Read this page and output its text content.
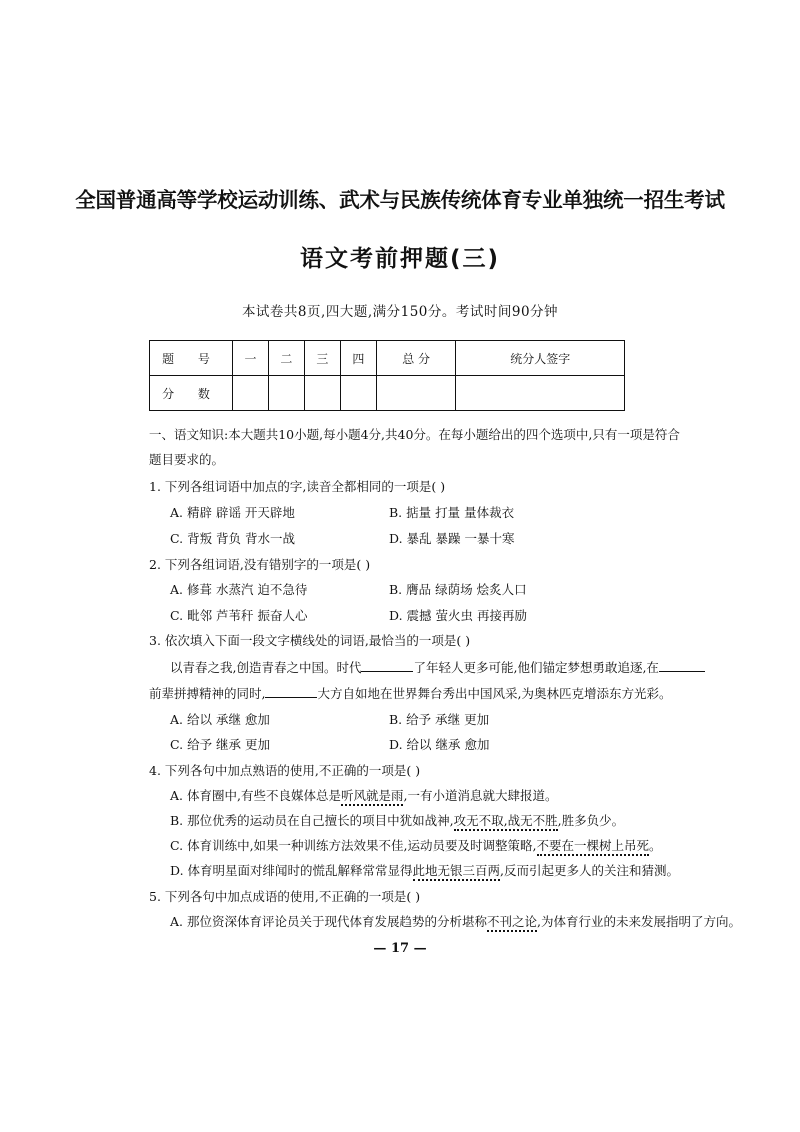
全国普通高等学校运动训练、武术与民族传统体育专业单独统一招生考试
语文考前押题(三)
本试卷共8页,四大题,满分150分。考试时间90分钟
题 号	一	二	三	四	总 分	统分人签字
分 数						
一、语文知识:本大题共10小题,每小题4分,共40分。在每小题给出的四个选项中,只有一项是符合
题目要求的。
1. 下列各组词语中加点的字,读音全都相同的一项是( )
A. 精辟 辟谣 开天辟地	B. 掂量 打量 量体裁衣
C. 背叛 背负 背水一战	D. 暴乱 暴躁 一暴十寒
2. 下列各组词语,没有错别字的一项是( )
A. 修葺 水蒸汽 迫不急待	B. 膺品 绿荫场 烩炙人口
C. 毗邻 芦苇秆 振奋人心	D. 震撼 萤火虫 再接再励
3. 依次填入下面一段文字横线处的词语,最恰当的一项是( )
以青春之我,创造青春之中国。时代	了年轻人更多可能,他们锚定梦想勇敢追逐,在
前辈拼搏精神的同时,	大方自如地在世界舞台秀出中国风采,为奥林匹克增添东方光彩。
A. 给以 承继 愈加	B. 给予 承继 更加
C. 给予 继承 更加	D. 给以 继承 愈加
4. 下列各句中加点熟语的使用,不正确的一项是( )
A. 体育圈中,有些不良媒体总是听风就是雨,一有小道消息就大肆报道。
B. 那位优秀的运动员在自己擅长的项目中犹如战神,攻无不取,战无不胜,胜多负少。
C. 体育训练中,如果一种训练方法效果不佳,运动员要及时调整策略,不要在一棵树上吊死。
D. 体育明星面对绯闻时的慌乱解释常常显得此地无银三百两,反而引起更多人的关注和猜测。
5. 下列各句中加点成语的使用,不正确的一项是( )
A. 那位资深体育评论员关于现代体育发展趋势的分析堪称不刊之论,为体育行业的未来发展指明了方向。
— 17 —
